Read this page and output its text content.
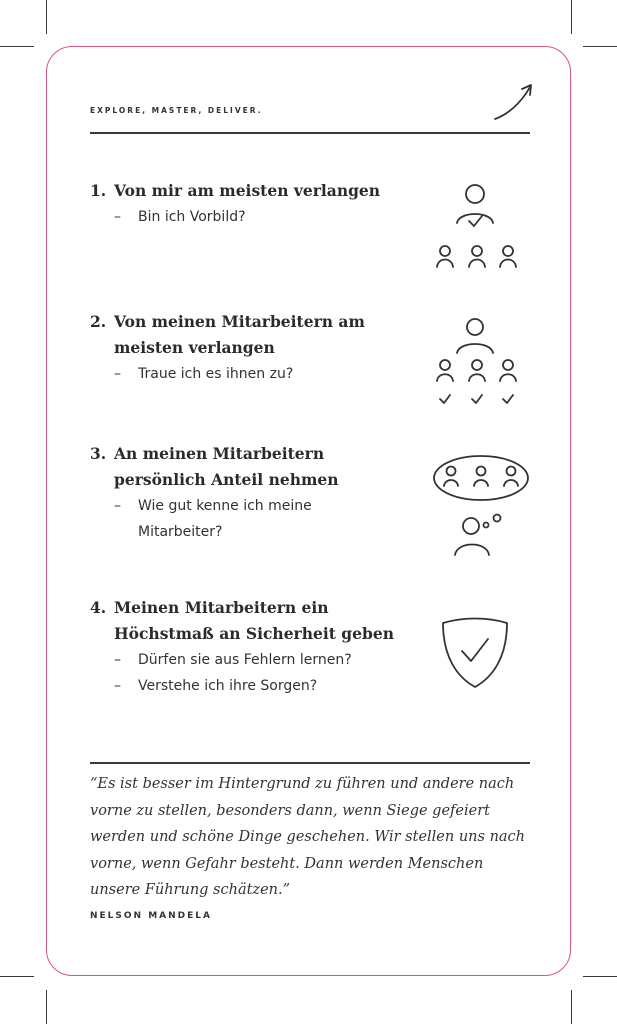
EXPLORE, MASTER, DELIVER.
1. Von mir am meisten verlangen
–	Bin ich Vorbild?
2. Von meinen Mitarbeitern am
meisten verlangen
–	Traue ich es ihnen zu?
3. An meinen Mitarbeitern
persönlich Anteil nehmen
–	Wie gut kenne ich meine
Mitarbeiter?
4. Meinen Mitarbeitern ein
Höchstmaß an Sicherheit geben
–	Dürfen sie aus Fehlern lernen?
–	Verstehe ich ihre Sorgen?
“Es ist besser im Hintergrund zu führen und andere nach vorne zu stellen, besonders dann, wenn Siege gefeiert werden und schöne Dinge geschehen. Wir stellen uns nach vorne, wenn Gefahr besteht. Dann werden Menschen unsere Führung schätzen.”
NELSON MANDELA
